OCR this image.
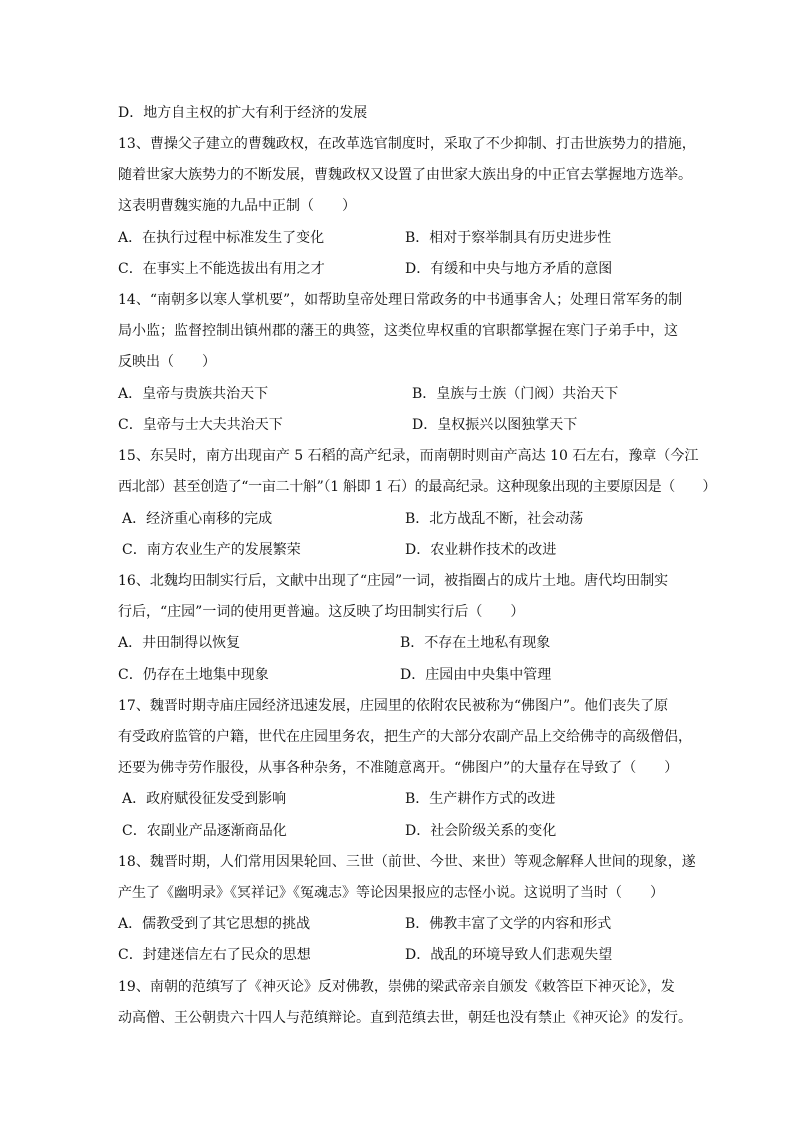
D．地方自主权的扩大有利于经济的发展
13、曹操父子建立的曹魏政权，在改革选官制度时，采取了不少抑制、打击世族势力的措施，
随着世家大族势力的不断发展，曹魏政权又设置了由世家大族出身的中正官去掌握地方选举。
这表明曹魏实施的九品中正制（　　）
A．在执行过程中标准发生了变化	B．相对于察举制具有历史进步性
C．在事实上不能选拔出有用之才	D．有缓和中央与地方矛盾的意图
14、“南朝多以寒人掌机要”，如帮助皇帝处理日常政务的中书通事舍人；处理日常军务的制
局小监；监督控制出镇州郡的藩王的典签，这类位卑权重的官职都掌握在寒门子弟手中，这
反映出（　　）
A．皇帝与贵族共治天下	B．皇族与士族（门阀）共治天下
C．皇帝与士大夫共治天下	D．皇权振兴以图独掌天下
15、东吴时，南方出现亩产 5 石稻的高产纪录，而南朝时则亩产高达 10 石左右，豫章（今江
西北部）甚至创造了“一亩二十斛”（1 斛即 1 石）的最高纪录。这种现象出现的主要原因是（　　）
A．经济重心南移的完成	B．北方战乱不断，社会动荡
C．南方农业生产的发展繁荣	D．农业耕作技术的改进
16、北魏均田制实行后，文献中出现了“庄园”一词，被指圈占的成片土地。唐代均田制实
行后，“庄园”一词的使用更普遍。这反映了均田制实行后（　　）
A．井田制得以恢复	B．不存在土地私有现象
C．仍存在土地集中现象	D．庄园由中央集中管理
17、魏晋时期寺庙庄园经济迅速发展，庄园里的依附农民被称为“佛图户”。他们丧失了原
有受政府监管的户籍，世代在庄园里务农，把生产的大部分农副产品上交给佛寺的高级僧侣，
还要为佛寺劳作服役，从事各种杂务，不准随意离开。“佛图户”的大量存在导致了（　　）
A．政府赋役征发受到影响	B．生产耕作方式的改进
C．农副业产品逐渐商品化	D．社会阶级关系的变化
18、魏晋时期，人们常用因果轮回、三世（前世、今世、来世）等观念解释人世间的现象，遂
产生了《幽明录》《冥祥记》《冤魂志》等论因果报应的志怪小说。这说明了当时（　　）
A．儒教受到了其它思想的挑战	B．佛教丰富了文学的内容和形式
C．封建迷信左右了民众的思想	D．战乱的环境导致人们悲观失望
19、南朝的范缜写了《神灭论》反对佛教，崇佛的梁武帝亲自颁发《敕答臣下神灭论》，发
动高僧、王公朝贵六十四人与范缜辩论。直到范缜去世，朝廷也没有禁止《神灭论》的发行。
